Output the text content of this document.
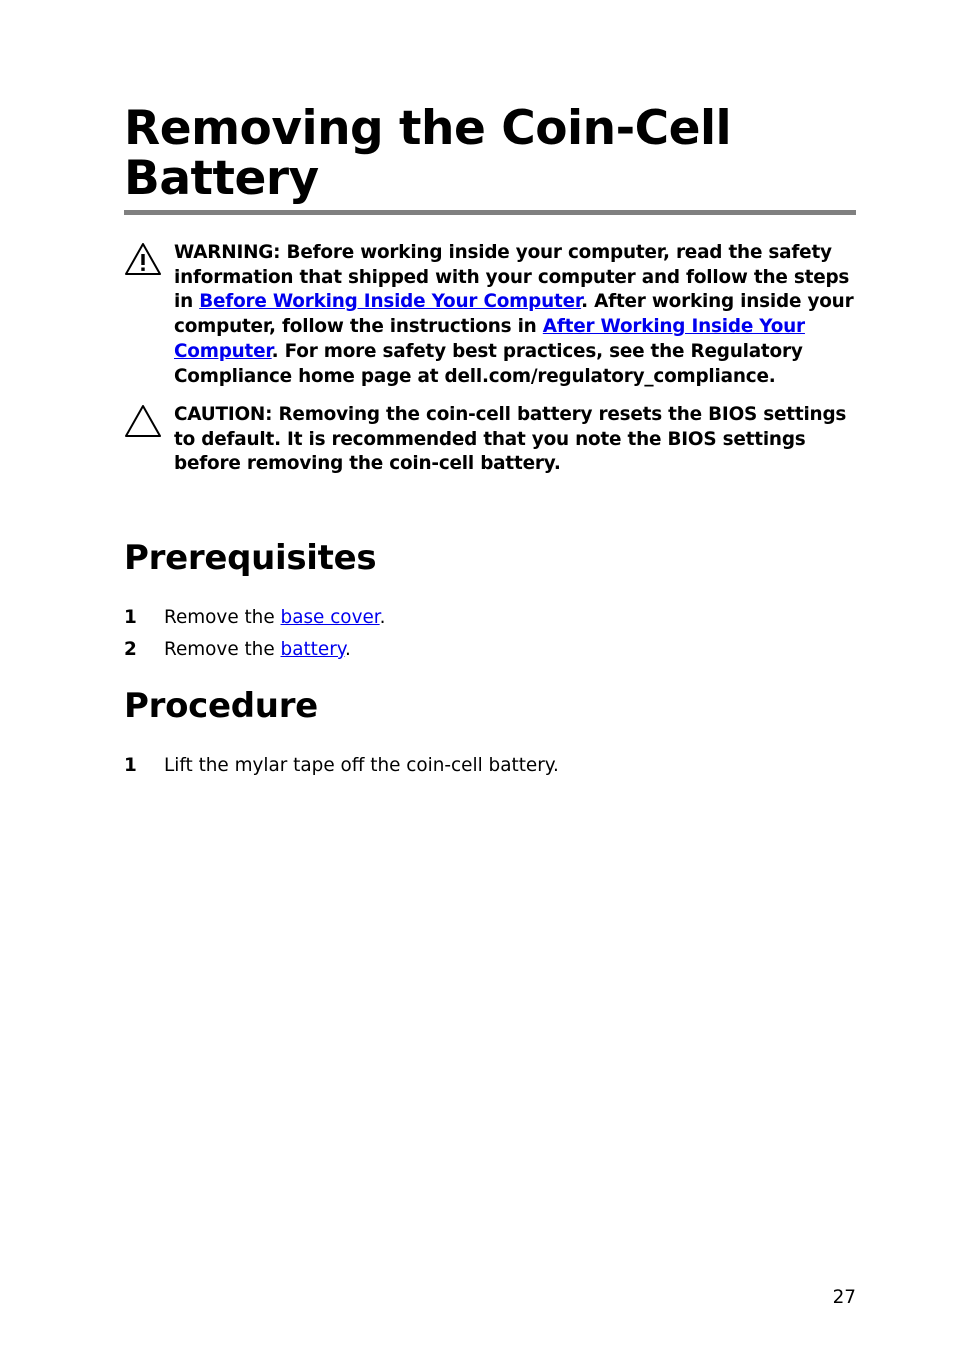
Removing the Coin-Cell Battery
WARNING: Before working inside your computer, read the safety information that shipped with your computer and follow the steps in Before Working Inside Your Computer. After working inside your computer, follow the instructions in After Working Inside Your Computer. For more safety best practices, see the Regulatory Compliance home page at dell.com/regulatory_compliance.
CAUTION: Removing the coin-cell battery resets the BIOS settings to default. It is recommended that you note the BIOS settings before removing the coin-cell battery.
Prerequisites
1 Remove the base cover.
2 Remove the battery.
Procedure
1 Lift the mylar tape off the coin-cell battery.
27
